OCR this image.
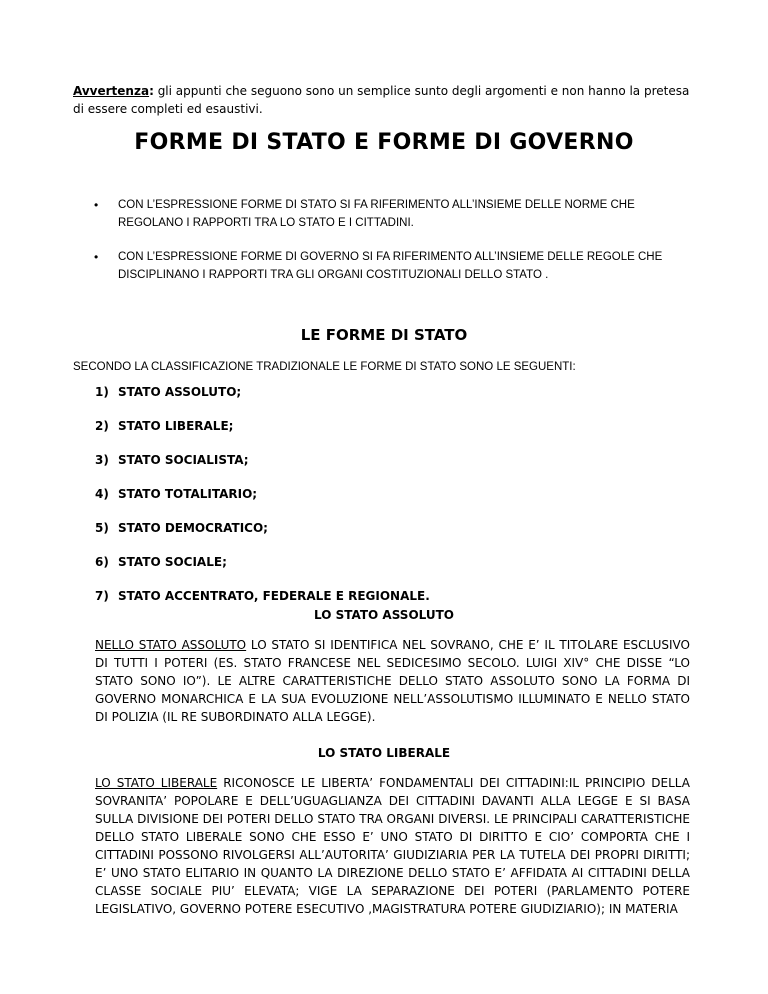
Avvertenza: gli appunti che seguono sono un semplice sunto degli argomenti e non hanno la pretesa di essere completi ed esaustivi.
FORME DI STATO E FORME DI GOVERNO
• CON L’ESPRESSIONE FORME DI STATO SI FA RIFERIMENTO ALL’INSIEME DELLE NORME CHE REGOLANO I RAPPORTI TRA LO STATO E I CITTADINI.
• CON L’ESPRESSIONE FORME DI GOVERNO SI FA RIFERIMENTO ALL’INSIEME DELLE REGOLE CHE DISCIPLINANO I RAPPORTI TRA GLI ORGANI COSTITUZIONALI DELLO STATO .
LE FORME DI STATO
SECONDO LA CLASSIFICAZIONE TRADIZIONALE LE FORME DI STATO SONO LE SEGUENTI:
1) STATO ASSOLUTO;
2) STATO LIBERALE;
3) STATO SOCIALISTA;
4) STATO TOTALITARIO;
5) STATO DEMOCRATICO;
6) STATO SOCIALE;
7) STATO ACCENTRATO, FEDERALE E REGIONALE.
LO STATO ASSOLUTO
NELLO STATO ASSOLUTO LO STATO SI IDENTIFICA NEL SOVRANO, CHE E’ IL TITOLARE ESCLUSIVO DI TUTTI I POTERI (ES. STATO FRANCESE NEL SEDICESIMO SECOLO. LUIGI XIV° CHE DISSE “LO STATO SONO IO”). LE ALTRE CARATTERISTICHE DELLO STATO ASSOLUTO SONO LA FORMA DI GOVERNO MONARCHICA E LA SUA EVOLUZIONE NELL’ASSOLUTISMO ILLUMINATO E NELLO STATO DI POLIZIA (IL RE SUBORDINATO ALLA LEGGE).
LO STATO LIBERALE
LO STATO LIBERALE RICONOSCE LE LIBERTA’ FONDAMENTALI DEI CITTADINI:IL PRINCIPIO DELLA SOVRANITA’ POPOLARE E DELL’UGUAGLIANZA DEI CITTADINI DAVANTI ALLA LEGGE E SI BASA SULLA DIVISIONE DEI POTERI DELLO STATO TRA ORGANI DIVERSI. LE PRINCIPALI CARATTERISTICHE DELLO STATO LIBERALE SONO CHE ESSO E’ UNO STATO DI DIRITTO E CIO’ COMPORTA CHE I CITTADINI POSSONO RIVOLGERSI ALL’AUTORITA’ GIUDIZIARIA PER LA TUTELA DEI PROPRI DIRITTI; E’ UNO STATO ELITARIO IN QUANTO LA DIREZIONE DELLO STATO E’ AFFIDATA AI CITTADINI DELLA CLASSE SOCIALE PIU’ ELEVATA; VIGE LA SEPARAZIONE DEI POTERI (PARLAMENTO POTERE LEGISLATIVO, GOVERNO POTERE ESECUTIVO ,MAGISTRATURA POTERE GIUDIZIARIO); IN MATERIA
